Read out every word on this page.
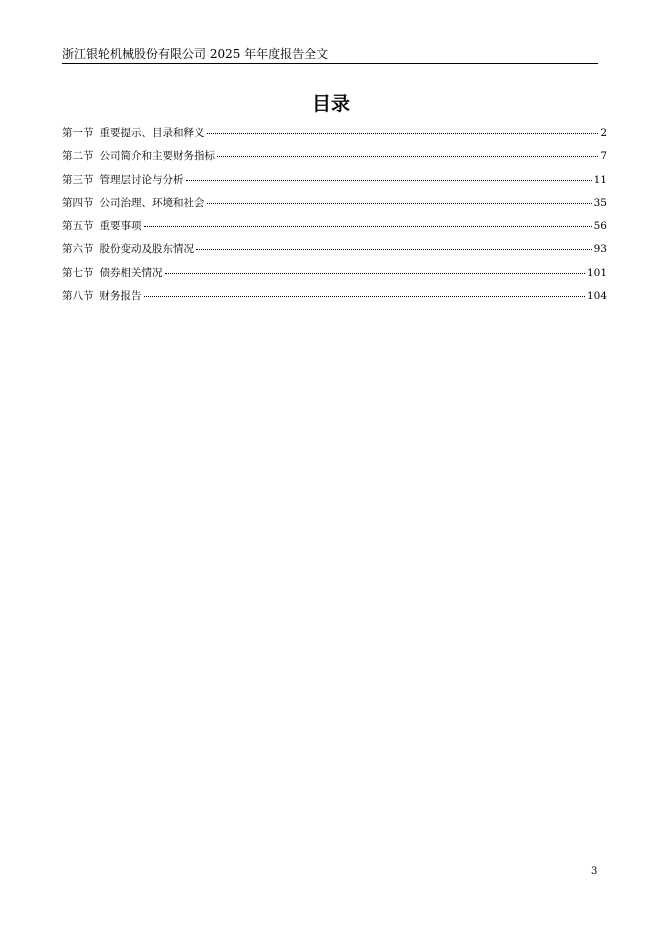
浙江银轮机械股份有限公司 2025 年年度报告全文
目录
第一节 重要提示、目录和释义	2
第二节 公司简介和主要财务指标	7
第三节 管理层讨论与分析	11
第四节 公司治理、环境和社会	35
第五节 重要事项	56
第六节 股份变动及股东情况	93
第七节 债券相关情况	101
第八节 财务报告	104
3
